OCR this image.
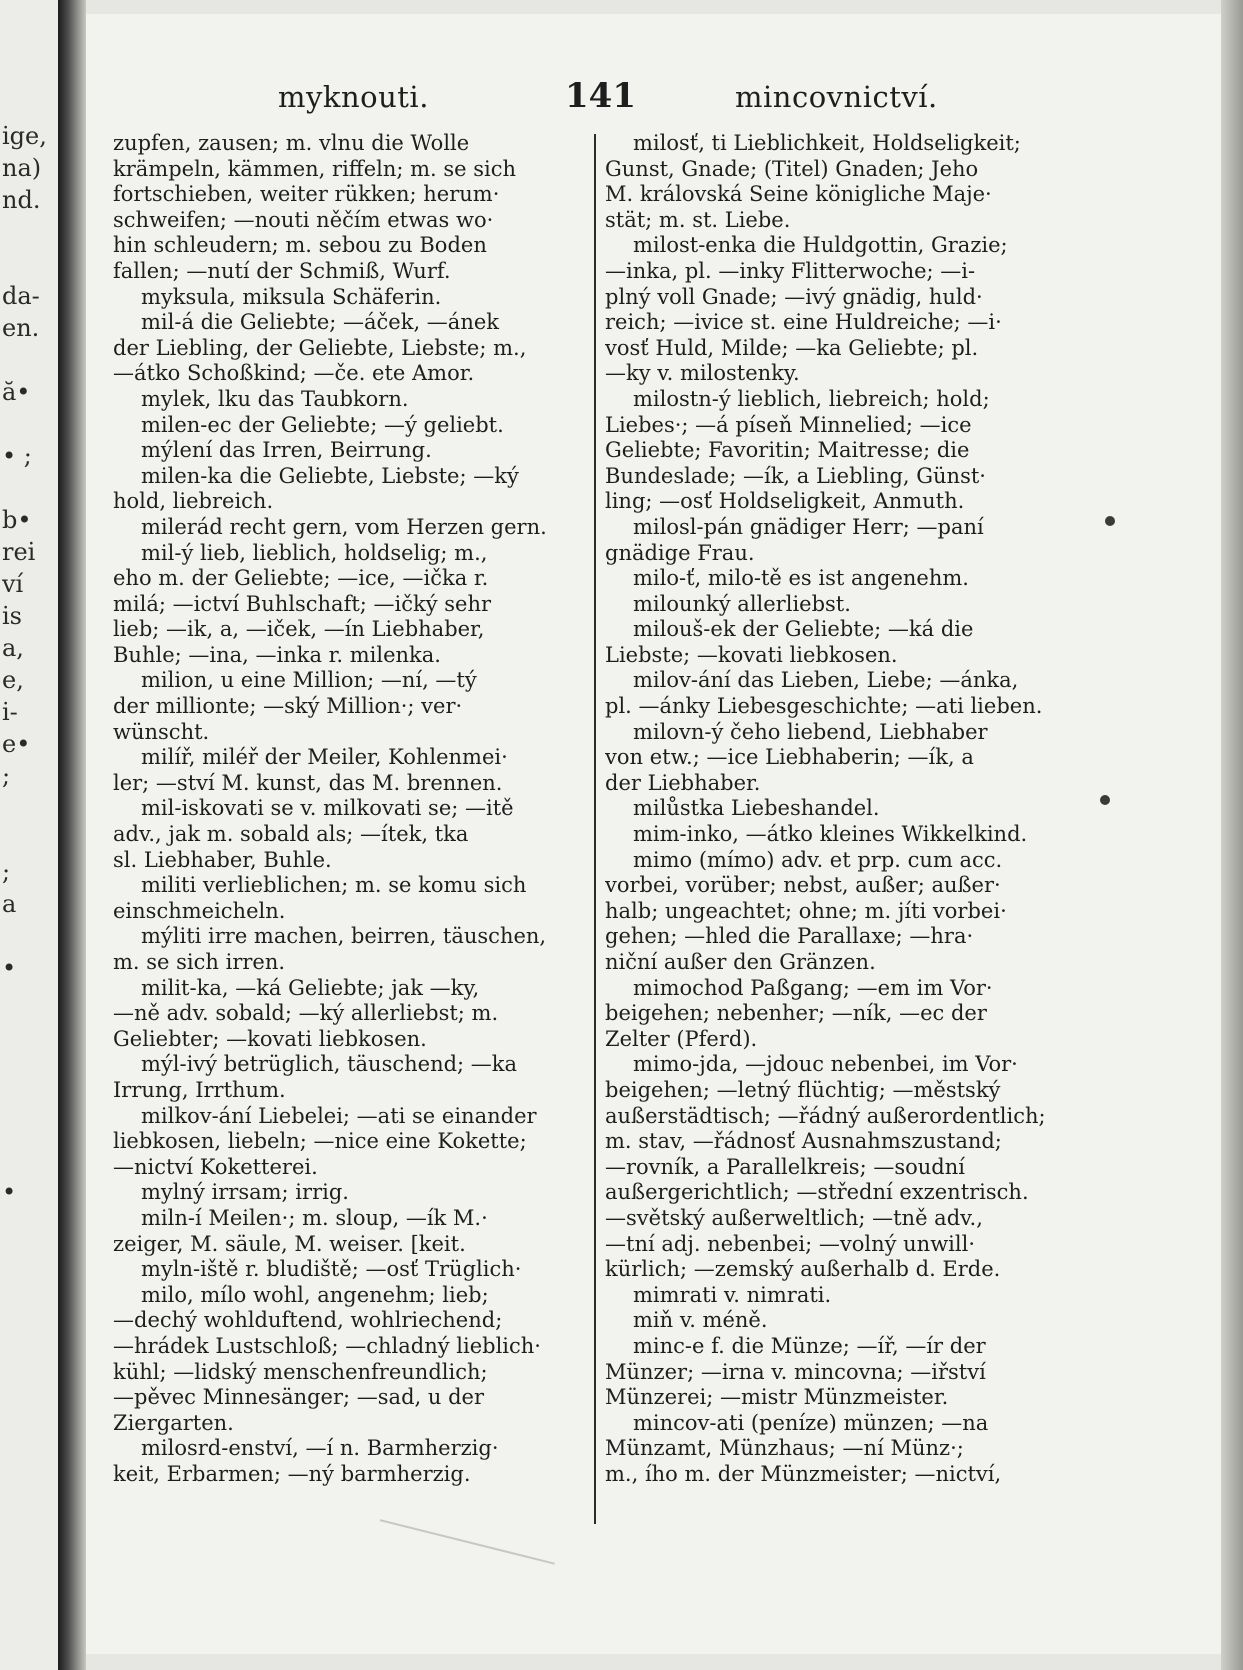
ige,
na)
nd.
da-
en.
ă•
• ;
b•
rei
ví
is
a,
e,
i-
e•
;
;
a
•
•
myknouti.	141	mincovnictví.
zupfen, zausen; m. vlnu die Wolle
krämpeln, kämmen, riffeln; m. se sich
fortschieben, weiter rükken; herum·
schweifen; —nouti něčím etwas wo·
hin schleudern; m. sebou zu Boden
fallen; —nutí der Schmiß, Wurf.
myksula, miksula Schäferin.
mil-á die Geliebte; —áček, —ánek
der Liebling, der Geliebte, Liebste; m.,
—átko Schoßkind; —če. ete Amor.
mylek, lku das Taubkorn.
milen-ec der Geliebte; —ý geliebt.
mýlení das Irren, Beirrung.
milen-ka die Geliebte, Liebste; —ký
hold, liebreich.
milerád recht gern, vom Herzen gern.
mil-ý lieb, lieblich, holdselig; m.,
eho m. der Geliebte; —ice, —ička r.
milá; —ictví Buhlschaft; —ičký sehr
lieb; —ik, a, —iček, —ín Liebhaber,
Buhle; —ina, —inka r. milenka.
milion, u eine Million; —ní, —tý
der millionte; —ský Million·; ver·
wünscht.
milíř, miléř der Meiler, Kohlenmei·
ler; —ství M. kunst, das M. brennen.
mil-iskovati se v. milkovati se; —itě
adv., jak m. sobald als; —ítek, tka
sl. Liebhaber, Buhle.
militi verlieblichen; m. se komu sich
einschmeicheln.
mýliti irre machen, beirren, täuschen,
m. se sich irren.
milit-ka, —ká Geliebte; jak —ky,
—ně adv. sobald; —ký allerliebst; m.
Geliebter; —kovati liebkosen.
mýl-ivý betrüglich, täuschend; —ka
Irrung, Irrthum.
milkov-ání Liebelei; —ati se einander
liebkosen, liebeln; —nice eine Kokette;
—nictví Koketterei.
mylný irrsam; irrig.
miln-í Meilen·; m. sloup, —ík M.·
zeiger, M. säule, M. weiser. [keit.
myln-iště r. bludiště; —osť Trüglich·
milo, mílo wohl, angenehm; lieb;
—dechý wohlduftend, wohlriechend;
—hrádek Lustschloß; —chladný lieblich·
kühl; —lidský menschenfreundlich;
—pěvec Minnesänger; —sad, u der
Ziergarten.
milosrd-enství, —í n. Barmherzig·
keit, Erbarmen; —ný barmherzig.
milosť, ti Lieblichkeit, Holdseligkeit;
Gunst, Gnade; (Titel) Gnaden; Jeho
M. královská Seine königliche Maje·
stät; m. st. Liebe.
milost-enka die Huldgottin, Grazie;
—inka, pl. —inky Flitterwoche; —i-
plný voll Gnade; —ivý gnädig, huld·
reich; —ivice st. eine Huldreiche; —i·
vosť Huld, Milde; —ka Geliebte; pl.
—ky v. milostenky.
milostn-ý lieblich, liebreich; hold;
Liebes·; —á píseň Minnelied; —ice
Geliebte; Favoritin; Maitresse; die
Bundeslade; —ík, a Liebling, Günst·
ling; —osť Holdseligkeit, Anmuth.
milosl-pán gnädiger Herr; —paní
gnädige Frau.
milo-ť, milo-tě es ist angenehm.
milounký allerliebst.
milouš-ek der Geliebte; —ká die
Liebste; —kovati liebkosen.
milov-ání das Lieben, Liebe; —ánka,
pl. —ánky Liebesgeschichte; —ati lieben.
milovn-ý čeho liebend, Liebhaber
von etw.; —ice Liebhaberin; —ík, a
der Liebhaber.
milůstka Liebeshandel.
mim-inko, —átko kleines Wikkelkind.
mimo (mímo) adv. et prp. cum acc.
vorbei, vorüber; nebst, außer; außer·
halb; ungeachtet; ohne; m. jíti vorbei·
gehen; —hled die Parallaxe; —hra·
niční außer den Gränzen.
mimochod Paßgang; —em im Vor·
beigehen; nebenher; —ník, —ec der
Zelter (Pferd).
mimo-jda, —jdouc nebenbei, im Vor·
beigehen; —letný flüchtig; —městský
außerstädtisch; —řádný außerordentlich;
m. stav, —řádnosť Ausnahmszustand;
—rovník, a Parallelkreis; —soudní
außergerichtlich; —střední exzentrisch.
—světský außerweltlich; —tně adv.,
—tní adj. nebenbei; —volný unwill·
kürlich; —zemský außerhalb d. Erde.
mimrati v. nimrati.
miň v. méně.
minc-e f. die Münze; —íř, —ír der
Münzer; —irna v. mincovna; —iřství
Münzerei; —mistr Münzmeister.
mincov-ati (peníze) münzen; —na
Münzamt, Münzhaus; —ní Münz·;
m., ího m. der Münzmeister; —nictví,
